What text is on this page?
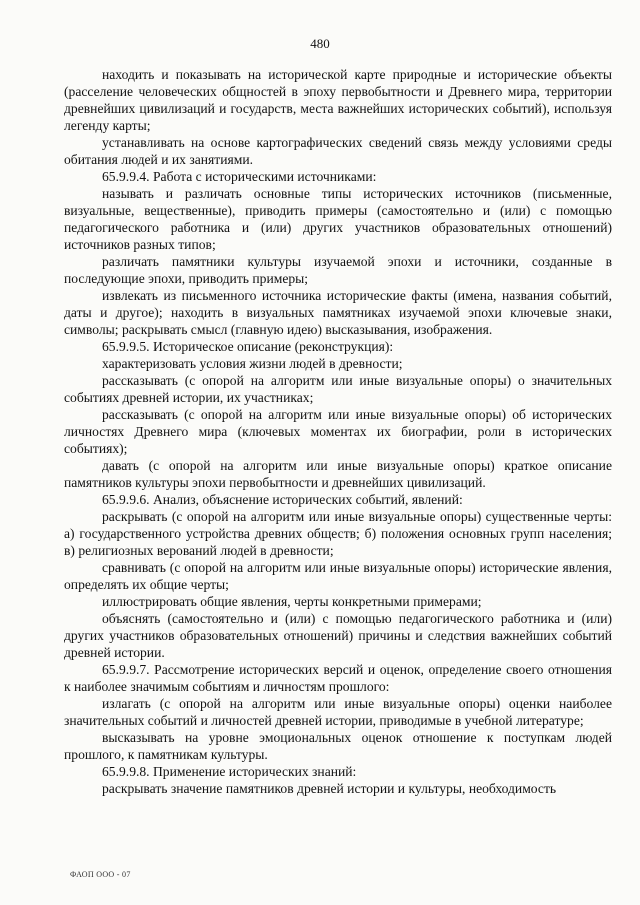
480

находить и показывать на исторической карте природные и исторические объекты (расселение человеческих общностей в эпоху первобытности и Древнего мира, территории древнейших цивилизаций и государств, места важнейших исторических событий), используя легенду карты;

устанавливать на основе картографических сведений связь между условиями среды обитания людей и их занятиями.

65.9.9.4. Работа с историческими источниками:

называть и различать основные типы исторических источников (письменные, визуальные, вещественные), приводить примеры (самостоятельно и (или) с помощью педагогического работника и (или) других участников образовательных отношений) источников разных типов;

различать памятники культуры изучаемой эпохи и источники, созданные в последующие эпохи, приводить примеры;

извлекать из письменного источника исторические факты (имена, названия событий, даты и другое); находить в визуальных памятниках изучаемой эпохи ключевые знаки, символы; раскрывать смысл (главную идею) высказывания, изображения.

65.9.9.5. Историческое описание (реконструкция):

характеризовать условия жизни людей в древности;

рассказывать (с опорой на алгоритм или иные визуальные опоры) о значительных событиях древней истории, их участниках;

рассказывать (с опорой на алгоритм или иные визуальные опоры) об исторических личностях Древнего мира (ключевых моментах их биографии, роли в исторических событиях);

давать (с опорой на алгоритм или иные визуальные опоры) краткое описание памятников культуры эпохи первобытности и древнейших цивилизаций.

65.9.9.6. Анализ, объяснение исторических событий, явлений:

раскрывать (с опорой на алгоритм или иные визуальные опоры) существенные черты: а) государственного устройства древних обществ; б) положения основных групп населения; в) религиозных верований людей в древности;

сравнивать (с опорой на алгоритм или иные визуальные опоры) исторические явления, определять их общие черты;

иллюстрировать общие явления, черты конкретными примерами;

объяснять (самостоятельно и (или) с помощью педагогического работника и (или) других участников образовательных отношений) причины и следствия важнейших событий древней истории.

65.9.9.7. Рассмотрение исторических версий и оценок, определение своего отношения к наиболее значимым событиям и личностям прошлого:

излагать (с опорой на алгоритм или иные визуальные опоры) оценки наиболее значительных событий и личностей древней истории, приводимые в учебной литературе;

высказывать на уровне эмоциональных оценок отношение к поступкам людей прошлого, к памятникам культуры.

65.9.9.8. Применение исторических знаний:

раскрывать значение памятников древней истории и культуры, необходимость

ФАОП ООО - 07
